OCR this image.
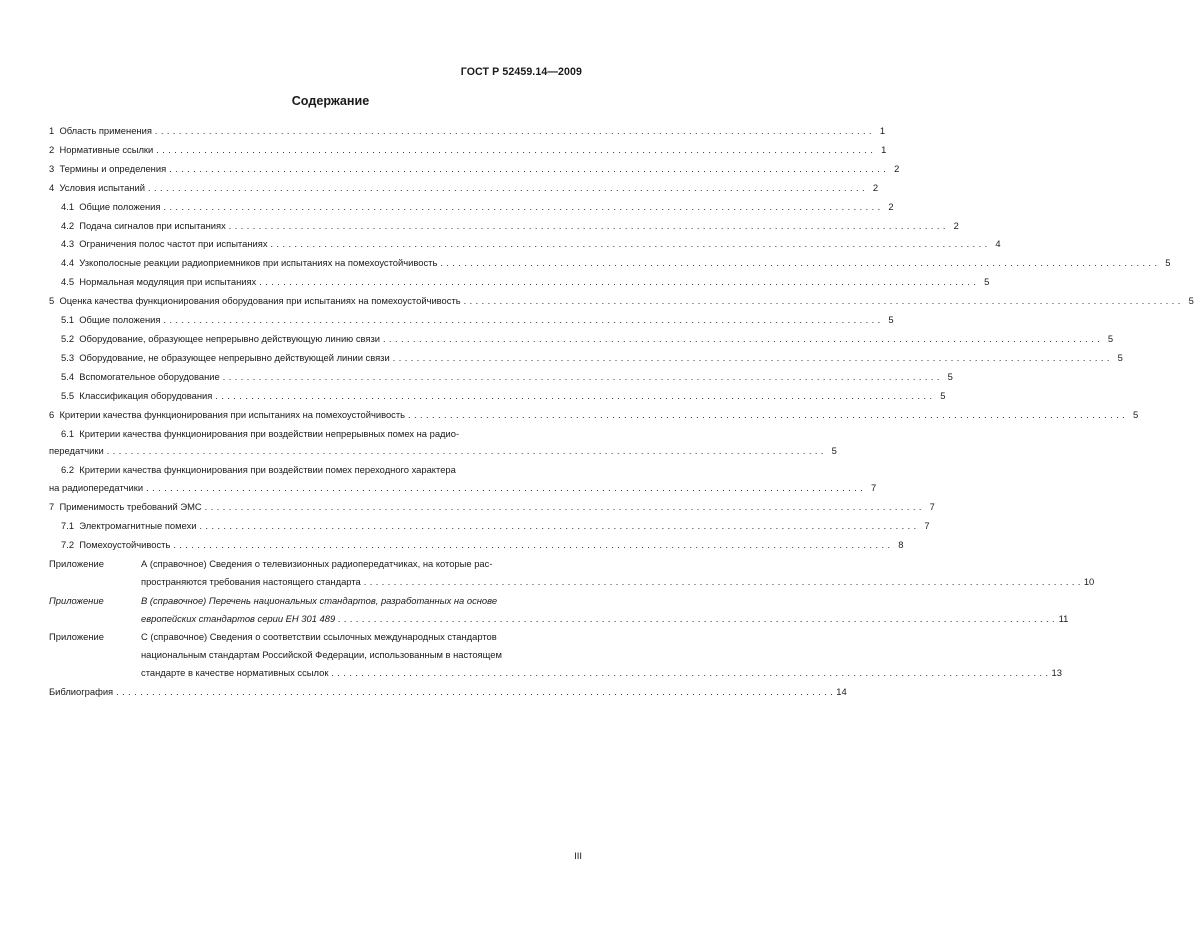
ГОСТ Р 52459.14—2009
Содержание
1 Область применения . . . . . . . . . . . . . . . . . . . . . . . . . . . . . . . . . . . . . . . . . . . . . . . . . . . . . . . . . . . . . . . . . . . . . . . . . . . . . . . . . . . . . . . . . . . . . . . . . . . . . . . . . . . . . . . . . . . . . . . . 1
2 Нормативные ссылки . . . . . . . . . . . . . . . . . . . . . . . . . . . . . . . . . . . . . . . . . . . . . . . . . . . . . . . . . . . . . . . . . . . . . . . . . . . . . . . . . . . . . . . . . . . . . . . . . . . . . . . . . . . . . . . . . . . . . . . . 1
3 Термины и определения . . . . . . . . . . . . . . . . . . . . . . . . . . . . . . . . . . . . . . . . . . . . . . . . . . . . . . . . . . . . . . . . . . . . . . . . . . . . . . . . . . . . . . . . . . . . . . . . . . . . . . . . . . . . . . . . . . . . . . . . 2
4 Условия испытаний . . . . . . . . . . . . . . . . . . . . . . . . . . . . . . . . . . . . . . . . . . . . . . . . . . . . . . . . . . . . . . . . . . . . . . . . . . . . . . . . . . . . . . . . . . . . . . . . . . . . . . . . . . . . . . . . . . . . . . . . 2
4.1 Общие положения . . . . . . . . . . . . . . . . . . . . . . . . . . . . . . . . . . . . . . . . . . . . . . . . . . . . . . . . . . . . . . . . . . . . . . . . . . . . . . . . . . . . . . . . . . . . . . . . . . . . . . . . . . . . . . . . . . . . . . . . 2
4.2 Подача сигналов при испытаниях . . . . . . . . . . . . . . . . . . . . . . . . . . . . . . . . . . . . . . . . . . . . . . . . . . . . . . . . . . . . . . . . . . . . . . . . . . . . . . . . . . . . . . . . . . . . . . . . . . . . . . . . . . . . . . . . . . . . . . . . 2
4.3 Ограничения полос частот при испытаниях . . . . . . . . . . . . . . . . . . . . . . . . . . . . . . . . . . . . . . . . . . . . . . . . . . . . . . . . . . . . . . . . . . . . . . . . . . . . . . . . . . . . . . . . . . . . . . . . . . . . . . . . . . . . . . . . . . . . . . . . 4
4.4 Узкополосные реакции радиоприемников при испытаниях на помехоустойчивость . . . . . . . . . . . . . . . . . . . . . . . . . . . . . . . . . . . . . . . . . . . . . . . . . . . . . . . . . . . . . . . . . . . . . . . . . . . . . . . . . . . . . . . . . . . . . . . . . . . . . . . . . . . . . . . . . . . . . . . . 5
4.5 Нормальная модуляция при испытаниях . . . . . . . . . . . . . . . . . . . . . . . . . . . . . . . . . . . . . . . . . . . . . . . . . . . . . . . . . . . . . . . . . . . . . . . . . . . . . . . . . . . . . . . . . . . . . . . . . . . . . . . . . . . . . . . . . . . . . . . . 5
5 Оценка качества функционирования оборудования при испытаниях на помехоустойчивость . . . . . . . . . . . . . . . . . . . . . . . . . . . . . . . . . . . . . . . . . . . . . . . . . . . . . . . . . . . . . . . . . . . . . . . . . . . . . . . . . . . . . . . . . . . . . . . . . . . . . . . . . . . . . . . . . . . . . . . . 5
5.1 Общие положения . . . . . . . . . . . . . . . . . . . . . . . . . . . . . . . . . . . . . . . . . . . . . . . . . . . . . . . . . . . . . . . . . . . . . . . . . . . . . . . . . . . . . . . . . . . . . . . . . . . . . . . . . . . . . . . . . . . . . . . . 5
5.2 Оборудование, образующее непрерывно действующую линию связи . . . . . . . . . . . . . . . . . . . . . . . . . . . . . . . . . . . . . . . . . . . . . . . . . . . . . . . . . . . . . . . . . . . . . . . . . . . . . . . . . . . . . . . . . . . . . . . . . . . . . . . . . . . . . . . . . . . . . . . . 5
5.3 Оборудование, не образующее непрерывно действующей линии связи . . . . . . . . . . . . . . . . . . . . . . . . . . . . . . . . . . . . . . . . . . . . . . . . . . . . . . . . . . . . . . . . . . . . . . . . . . . . . . . . . . . . . . . . . . . . . . . . . . . . . . . . . . . . . . . . . . . . . . . . 5
5.4 Вспомогательное оборудование . . . . . . . . . . . . . . . . . . . . . . . . . . . . . . . . . . . . . . . . . . . . . . . . . . . . . . . . . . . . . . . . . . . . . . . . . . . . . . . . . . . . . . . . . . . . . . . . . . . . . . . . . . . . . . . . . . . . . . . . 5
5.5 Классификация оборудования . . . . . . . . . . . . . . . . . . . . . . . . . . . . . . . . . . . . . . . . . . . . . . . . . . . . . . . . . . . . . . . . . . . . . . . . . . . . . . . . . . . . . . . . . . . . . . . . . . . . . . . . . . . . . . . . . . . . . . . . 5
6 Критерии качества функционирования при испытаниях на помехоустойчивость . . . . . . . . . . . . . . . . . . . . . . . . . . . . . . . . . . . . . . . . . . . . . . . . . . . . . . . . . . . . . . . . . . . . . . . . . . . . . . . . . . . . . . . . . . . . . . . . . . . . . . . . . . . . . . . . . . . . . . . . 5
6.1 Критерии качества функционирования при воздействии непрерывных помех на радио-
передатчики . . . . . . . . . . . . . . . . . . . . . . . . . . . . . . . . . . . . . . . . . . . . . . . . . . . . . . . . . . . . . . . . . . . . . . . . . . . . . . . . . . . . . . . . . . . . . . . . . . . . . . . . . . . . . . . . . . . . . . . . 5
6.2 Критерии качества функционирования при воздействии помех переходного характера
на радиопередатчики . . . . . . . . . . . . . . . . . . . . . . . . . . . . . . . . . . . . . . . . . . . . . . . . . . . . . . . . . . . . . . . . . . . . . . . . . . . . . . . . . . . . . . . . . . . . . . . . . . . . . . . . . . . . . . . . . . . . . . . . 7
7 Применимость требований ЭМС . . . . . . . . . . . . . . . . . . . . . . . . . . . . . . . . . . . . . . . . . . . . . . . . . . . . . . . . . . . . . . . . . . . . . . . . . . . . . . . . . . . . . . . . . . . . . . . . . . . . . . . . . . . . . . . . . . . . . . . . 7
7.1 Электромагнитные помехи . . . . . . . . . . . . . . . . . . . . . . . . . . . . . . . . . . . . . . . . . . . . . . . . . . . . . . . . . . . . . . . . . . . . . . . . . . . . . . . . . . . . . . . . . . . . . . . . . . . . . . . . . . . . . . . . . . . . . . . . 7
7.2 Помехоустойчивость . . . . . . . . . . . . . . . . . . . . . . . . . . . . . . . . . . . . . . . . . . . . . . . . . . . . . . . . . . . . . . . . . . . . . . . . . . . . . . . . . . . . . . . . . . . . . . . . . . . . . . . . . . . . . . . . . . . . . . . . 8
Приложение	А (справочное) Сведения о телевизионных радиопередатчиках, на которые рас-
пространяются требования настоящего стандарта . . . . . . . . . . . . . . . . . . . . . . . . . . . . . . . . . . . . . . . . . . . . . . . . . . . . . . . . . . . . . . . . . . . . . . . . . . . . . . . . . . . . . . . . . . . . . . . . . . . . . . . . . . . . . . . . . . . . . . . . 10
Приложение	В (справочное) Перечень национальных стандартов, разработанных на основе
европейских стандартов серии ЕН 301 489 . . . . . . . . . . . . . . . . . . . . . . . . . . . . . . . . . . . . . . . . . . . . . . . . . . . . . . . . . . . . . . . . . . . . . . . . . . . . . . . . . . . . . . . . . . . . . . . . . . . . . . . . . . . . . . . . . . . . . . . . 11
Приложение	С (справочное) Сведения о соответствии ссылочных международных стандартов
национальным стандартам Российской Федерации, использованным в настоящем
стандарте в качестве нормативных ссылок . . . . . . . . . . . . . . . . . . . . . . . . . . . . . . . . . . . . . . . . . . . . . . . . . . . . . . . . . . . . . . . . . . . . . . . . . . . . . . . . . . . . . . . . . . . . . . . . . . . . . . . . . . . . . . . . . . . . . . . . 13
Библиография . . . . . . . . . . . . . . . . . . . . . . . . . . . . . . . . . . . . . . . . . . . . . . . . . . . . . . . . . . . . . . . . . . . . . . . . . . . . . . . . . . . . . . . . . . . . . . . . . . . . . . . . . . . . . . . . . . . . . . . . 14
III
